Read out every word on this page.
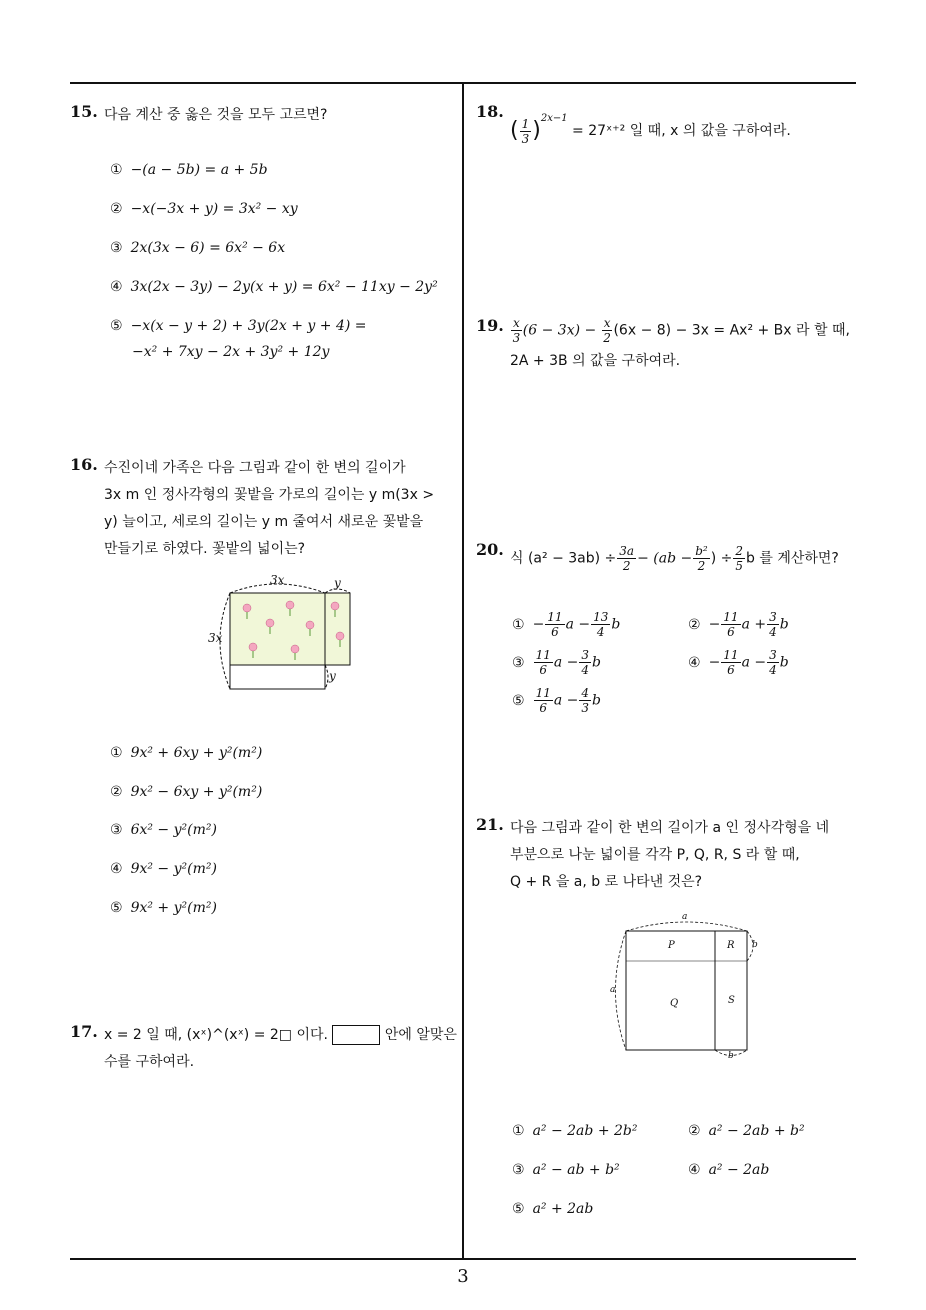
15. 다음 계산 중 옳은 것을 모두 고르면?
① −(a − 5b) = a + 5b
② −x(−3x + y) = 3x² − xy
③ 2x(3x − 6) = 6x² − 6x
④ 3x(2x − 3y) − 2y(x + y) = 6x² − 11xy − 2y²
⑤ −x(x − y + 2) + 3y(2x + y + 4) =
−x² + 7xy − 2x + 3y² + 12y
16. 수진이네 가족은 다음 그림과 같이 한 변의 길이가
3x m 인 정사각형의 꽃밭을 가로의 길이는 y m(3x >
y) 늘이고, 세로의 길이는 y m 줄여서 새로운 꽃밭을
만들기로 하였다. 꽃밭의 넓이는?
3x	y
3x
y
① 9x² + 6xy + y²(m²)
② 9x² − 6xy + y²(m²)
③ 6x² − y²(m²)
④ 9x² − y²(m²)
⑤ 9x² + y²(m²)
17. x = 2 일 때, (xˣ)^(xˣ) = 2□ 이다.	안에 알맞은
수를 구하여라.
18.
( $\frac{1}{3} )^{2x-1}$ = 27ˣ⁺² 일 때, x 의 값을 구하여라.
19. $\frac{x}{3} (6 - 3x) - \frac{x}{2} (6x - 8) - 3x = Ax^2 + Bx$ 라 할 때,
2A + 3B 의 값을 구하여라.
20. 식 $(a^2 - 3ab) \div \frac{3a}{2} - (ab - \frac{\text{b²}}{2}$ ) ÷ $\frac{2}{5}$ b 를 계산하면?
① − $\frac{11}{6}$ $a - \frac{13}{4}$ b	② − $\frac{11}{6}$ $a + \frac{3}{4}$ b
③ $\frac{11}{6}$ $a - \frac{3}{4}$ b	④ − $\frac{11}{6}$ $a - \frac{3}{4}$ b
⑤ $\frac{11}{6}$ $a - \frac{4}{3}$ b
21. 다음 그림과 같이 한 변의 길이가 a 인 정사각형을 네
부분으로 나눈 넓이를 각각 P, Q, R, S 라 할 때,
Q + R 을 a, b 로 나타낸 것은?
a
a
b
b
P	R
Q	S
① a² − 2ab + 2b²	② a² − 2ab + b²
③ a² − ab + b²	④ a² − 2ab
⑤ a² + 2ab
3
